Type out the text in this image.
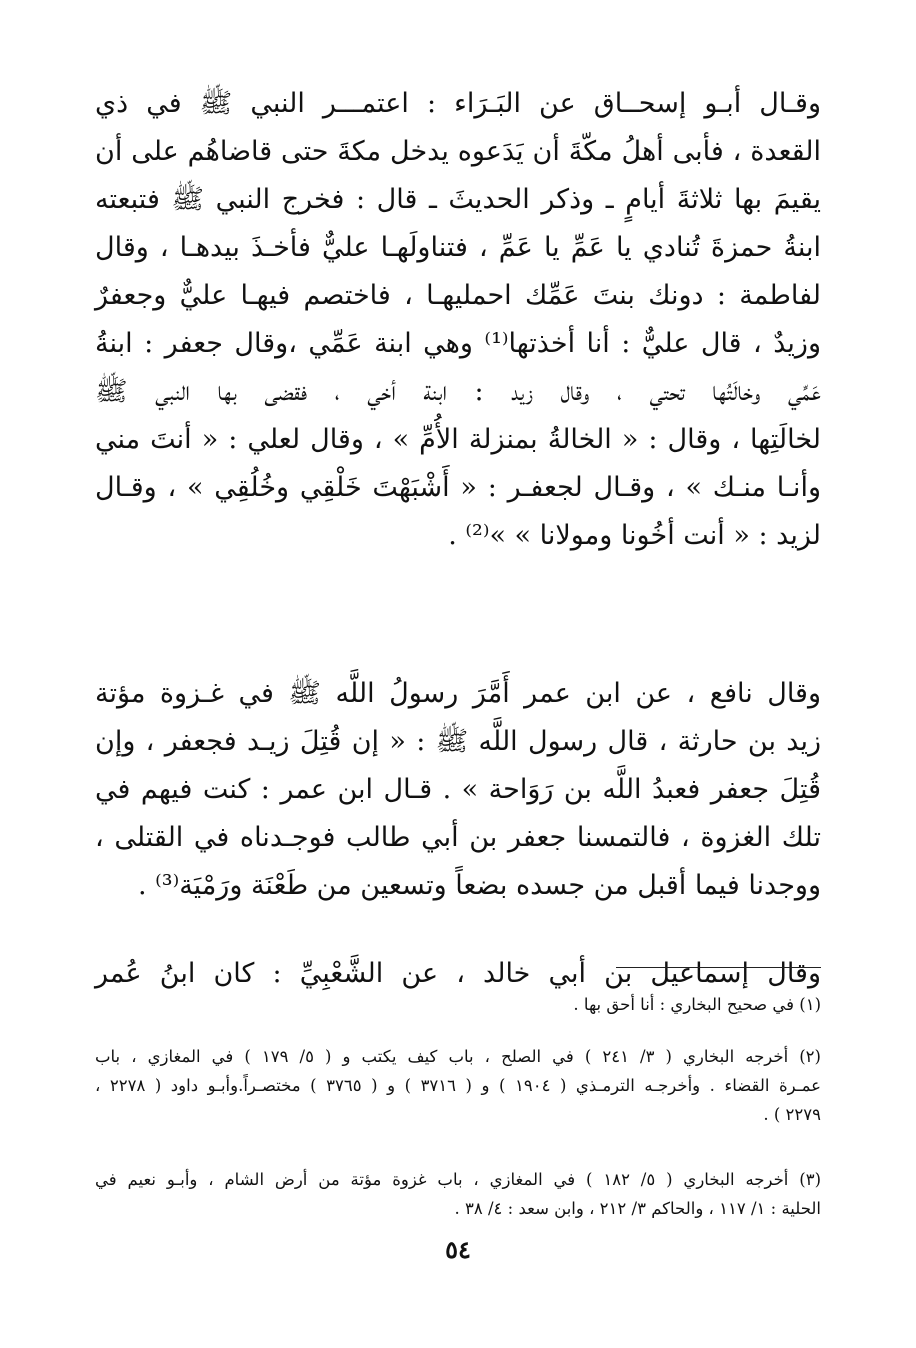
وقـال أبـو إسحــاق عن البَـرَاء : اعتمـــر النبي ﷺ في ذي
القعدة ، فأبى أهلُ مكّةَ أن يَدَعوه يدخل مكةَ حتى قاضاهُم على أن
يقيمَ بها ثلاثةَ أيامٍ ـ وذكر الحديثَ ـ قال : فخرج النبي ﷺ فتبعته
ابنةُ حمزةَ تُنادي يا عَمِّ يا عَمِّ ، فتناولَهـا عليٌّ فأخـذَ بيدهـا ، وقال
لفاطمة : دونك بنتَ عَمِّك احمليهـا ، فاختصم فيهـا عليٌّ وجعفرٌ
وزيدٌ ، قال عليٌّ : أنا أخذتها⁽¹⁾ وهي ابنة عَمِّي ،وقال جعفر : ابنةُ
عَمِّي وخالَتُها تحتي ، وقال زيد : ابنة أخي ، فقضى بها النبي ﷺ
لخالَتِها ، وقال : « الخالةُ بمنزلة الأُمِّ » ، وقال لعلي : « أنتَ مني
وأنـا منـك » ، وقـال لجعفـر : « أَشْبَهْتَ خَلْقِي وخُلُقِي » ، وقـال
لزيد : « أنت أخُونا ومولانا » »⁽²⁾ .
وقال نافع ، عن ابن عمر أَمَّرَ رسولُ اللَّه ﷺ في غـزوة مؤتة
زيد بن حارثة ، قال رسول اللَّه ﷺ : « إن قُتِلَ زيـد فجعفر ، وإن
قُتِلَ جعفر فعبدُ اللَّه بن رَوَاحة » . قـال ابن عمر : كنت فيهم في
تلك الغزوة ، فالتمسنا جعفر بن أبي طالب فوجـدناه في القتلى ،
ووجدنا فيما أقبل من جسده بضعاً وتسعين من طَعْنَة ورَمْيَة⁽³⁾ .
وقال إسماعيل بن أبي خالد ، عن الشَّعْبِيِّ : كان ابنُ عُمر
(١) في صحيح البخاري : أنا أحق بها .
(٢) أخرجه البخاري ( ٣/ ٢٤١ ) في الصلح ، باب كيف يكتب و ( ٥/ ١٧٩ ) في المغازي ، باب
عمـرة القضاء . وأخرجـه الترمـذي ( ١٩٠٤ ) و ( ٣٧١٦ ) و ( ٣٧٦٥ ) مختصـراً.وأبـو داود ( ٢٢٧٨ ،
٢٢٧٩ ) .
(٣) أخرجه البخاري ( ٥/ ١٨٢ ) في المغازي ، باب غزوة مؤتة من أرض الشام ، وأبـو نعيم في
الحلية : ١/ ١١٧ ، والحاكم ٣/ ٢١٢ ، وابن سعد : ٤/ ٣٨ .
٥٤
